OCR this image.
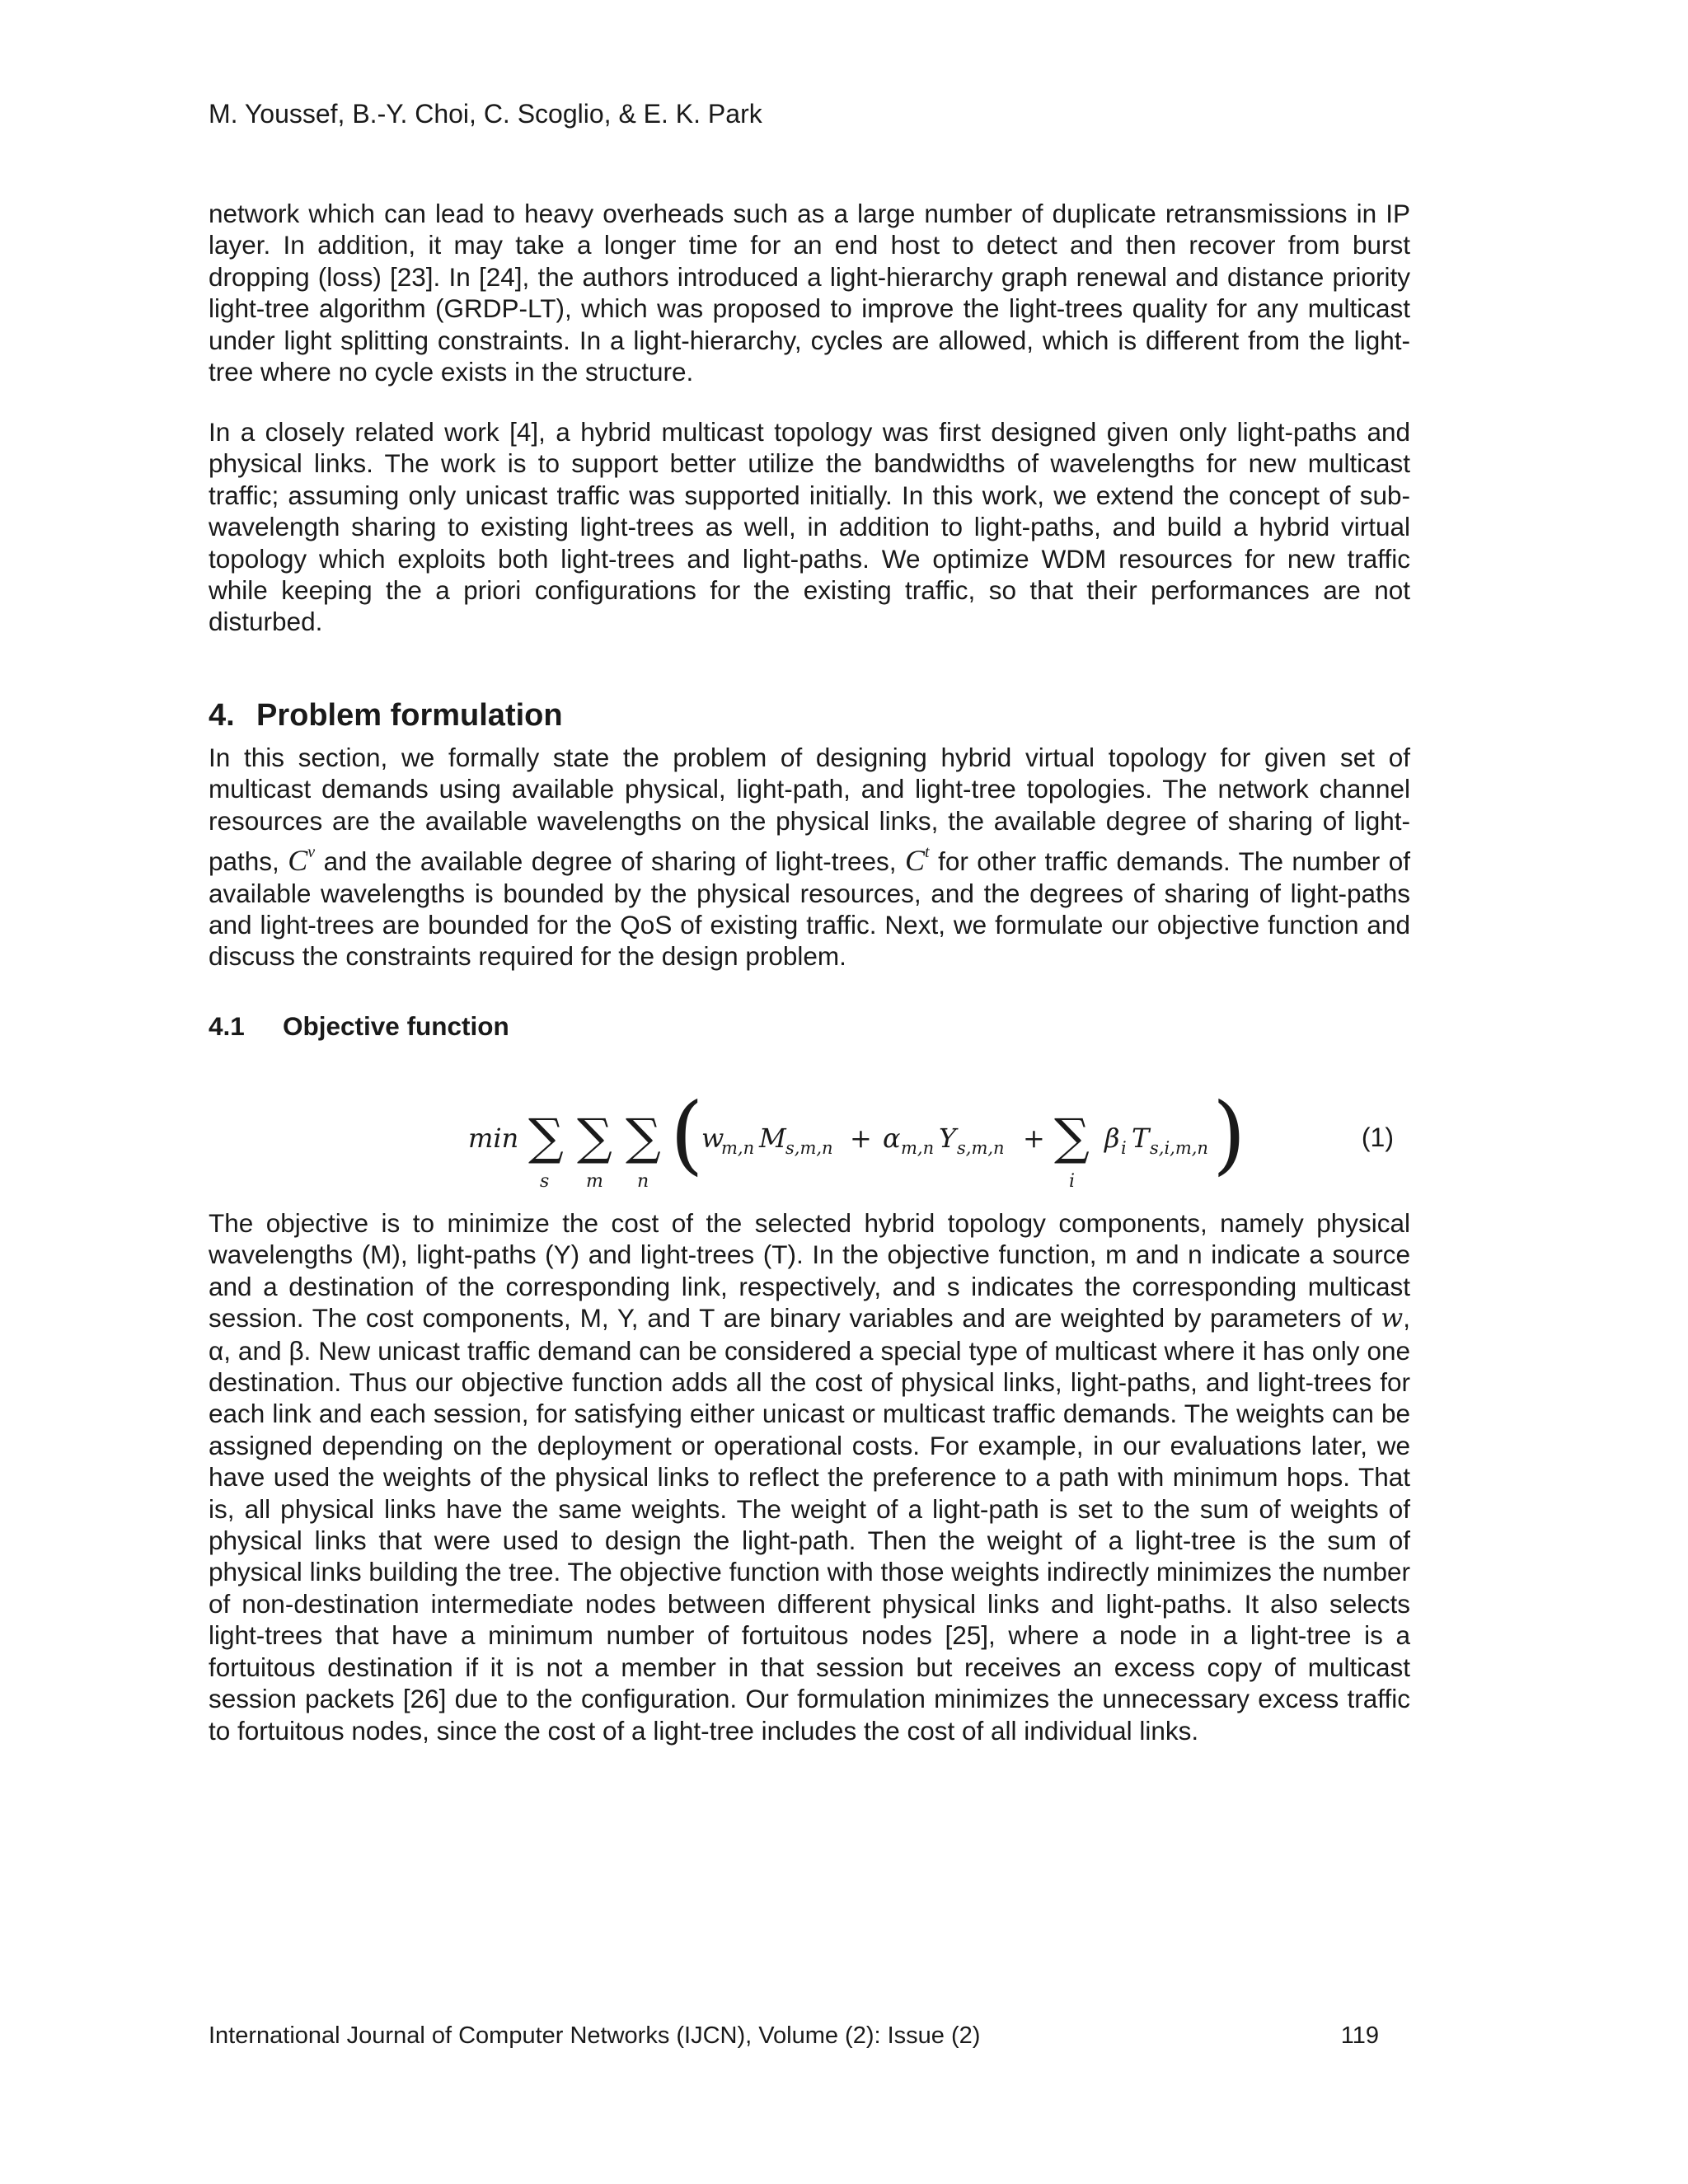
M. Youssef, B.-Y. Choi, C. Scoglio, & E. K. Park

network which can lead to heavy overheads such as a large number of duplicate retransmissions in IP layer. In addition, it may take a longer time for an end host to detect and then recover from burst dropping (loss) [23]. In [24], the authors introduced a light-hierarchy graph renewal and distance priority light-tree algorithm (GRDP-LT), which was proposed to improve the light-trees quality for any multicast under light splitting constraints. In a light-hierarchy, cycles are allowed, which is different from the light-tree where no cycle exists in the structure.

In a closely related work [4], a hybrid multicast topology was first designed given only light-paths and physical links. The work is to support better utilize the bandwidths of wavelengths for new multicast traffic; assuming only unicast traffic was supported initially. In this work, we extend the concept of sub-wavelength sharing to existing light-trees as well, in addition to light-paths, and build a hybrid virtual topology which exploits both light-trees and light-paths. We optimize WDM resources for new traffic while keeping the a priori configurations for the existing traffic, so that their performances are not disturbed.

4. Problem formulation

In this section, we formally state the problem of designing hybrid virtual topology for given set of multicast demands using available physical, light-path, and light-tree topologies. The network channel resources are the available wavelengths on the physical links, the available degree of sharing of light-paths, $C^v$ and the available degree of sharing of light-trees, $C^t$ for other traffic demands. The number of available wavelengths is bounded by the physical resources, and the degrees of sharing of light-paths and light-trees are bounded for the QoS of existing traffic. Next, we formulate our objective function and discuss the constraints required for the design problem.

4.1 Objective function
min ∑ ∑ ∑
s m n (
w
m,n M s,m,n + α m,n Y s,m,n + ∑
i
β i T s,i,m,n )	(1)

The objective is to minimize the cost of the selected hybrid topology components, namely physical wavelengths (M), light-paths (Y) and light-trees (T). In the objective function, m and n indicate a source and a destination of the corresponding link, respectively, and s indicates the corresponding multicast session. The cost components, M, Y, and T are binary variables and are weighted by parameters of w, α, and β. New unicast traffic demand can be considered a special type of multicast where it has only one destination. Thus our objective function adds all the cost of physical links, light-paths, and light-trees for each link and each session, for satisfying either unicast or multicast traffic demands. The weights can be assigned depending on the deployment or operational costs. For example, in our evaluations later, we have used the weights of the physical links to reflect the preference to a path with minimum hops. That is, all physical links have the same weights. The weight of a light-path is set to the sum of weights of physical links that were used to design the light-path. Then the weight of a light-tree is the sum of physical links building the tree. The objective function with those weights indirectly minimizes the number of non-destination intermediate nodes between different physical links and light-paths. It also selects light-trees that have a minimum number of fortuitous nodes [25], where a node in a light-tree is a fortuitous destination if it is not a member in that session but receives an excess copy of multicast session packets [26] due to the configuration. Our formulation minimizes the unnecessary excess traffic to fortuitous nodes, since the cost of a light-tree includes the cost of all individual links.

International Journal of Computer Networks (IJCN), Volume (2): Issue (2)	119
